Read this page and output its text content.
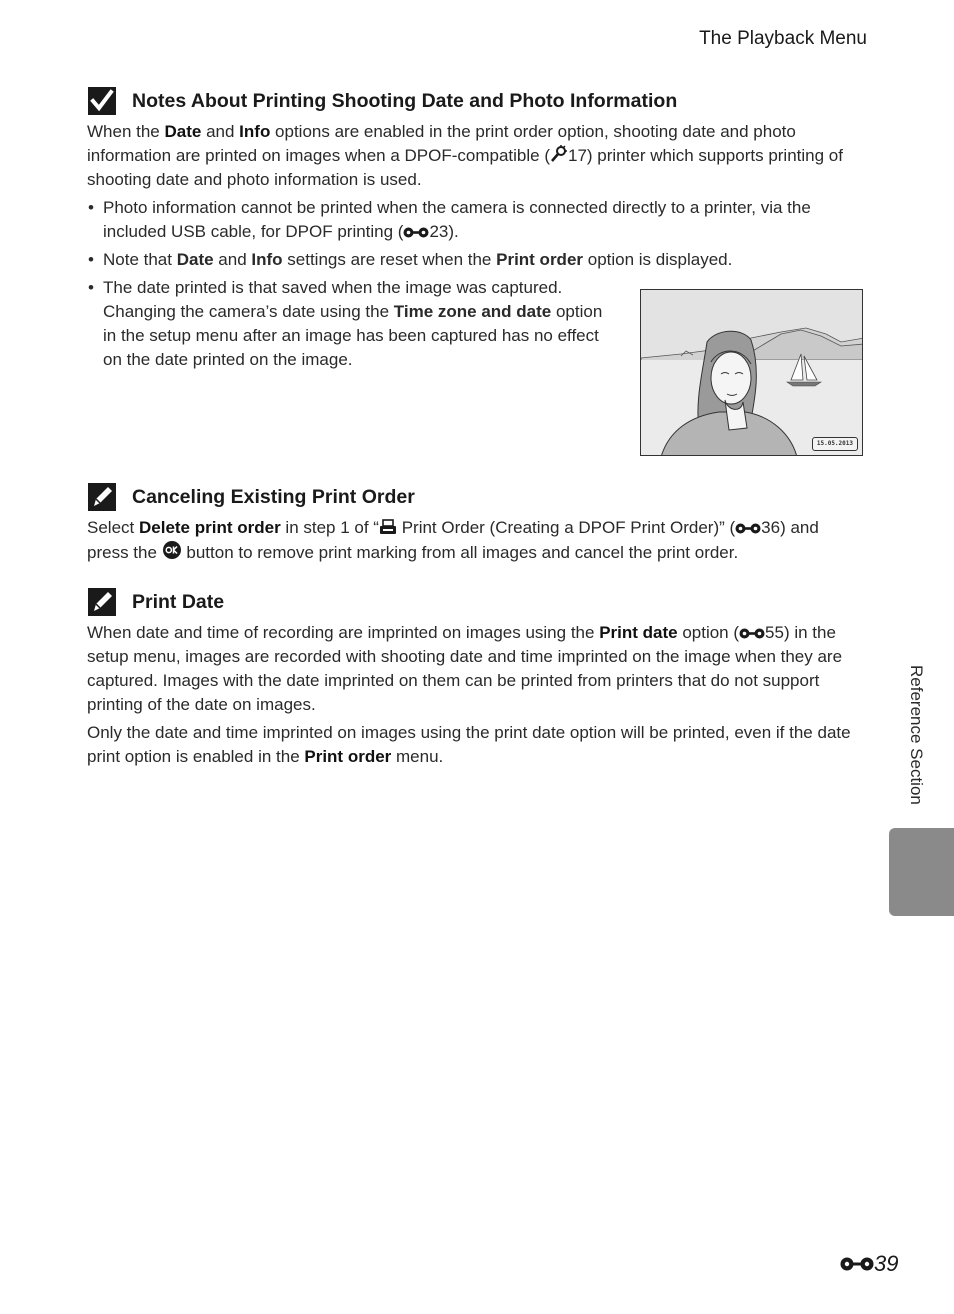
The Playback Menu
Notes About Printing Shooting Date and Photo Information

When the Date and Info options are enabled in the print order option, shooting date and photo information are printed on images when a DPOF-compatible ( 17) printer which supports printing of shooting date and photo information is used.

• Photo information cannot be printed when the camera is connected directly to a printer, via the included USB cable, for DPOF printing ( 23).
• Note that Date and Info settings are reset when the Print order option is displayed.
• The date printed is that saved when the image was captured. Changing the camera’s date using the Time zone and date option in the setup menu after an image has been captured has no effect on the date printed on the image.
15.05.2013
Canceling Existing Print Order

Select Delete print order in step 1 of “ Print Order (Creating a DPOF Print Order)” ( 36) and press the  button to remove print marking from all images and cancel the print order.

Print Date

When date and time of recording are imprinted on images using the Print date option ( 55) in the setup menu, images are recorded with shooting date and time imprinted on the image when they are captured. Images with the date imprinted on them can be printed from printers that do not support printing of the date on images.

Only the date and time imprinted on images using the print date option will be printed, even if the date print option is enabled in the Print order menu.	Reference Section
39
